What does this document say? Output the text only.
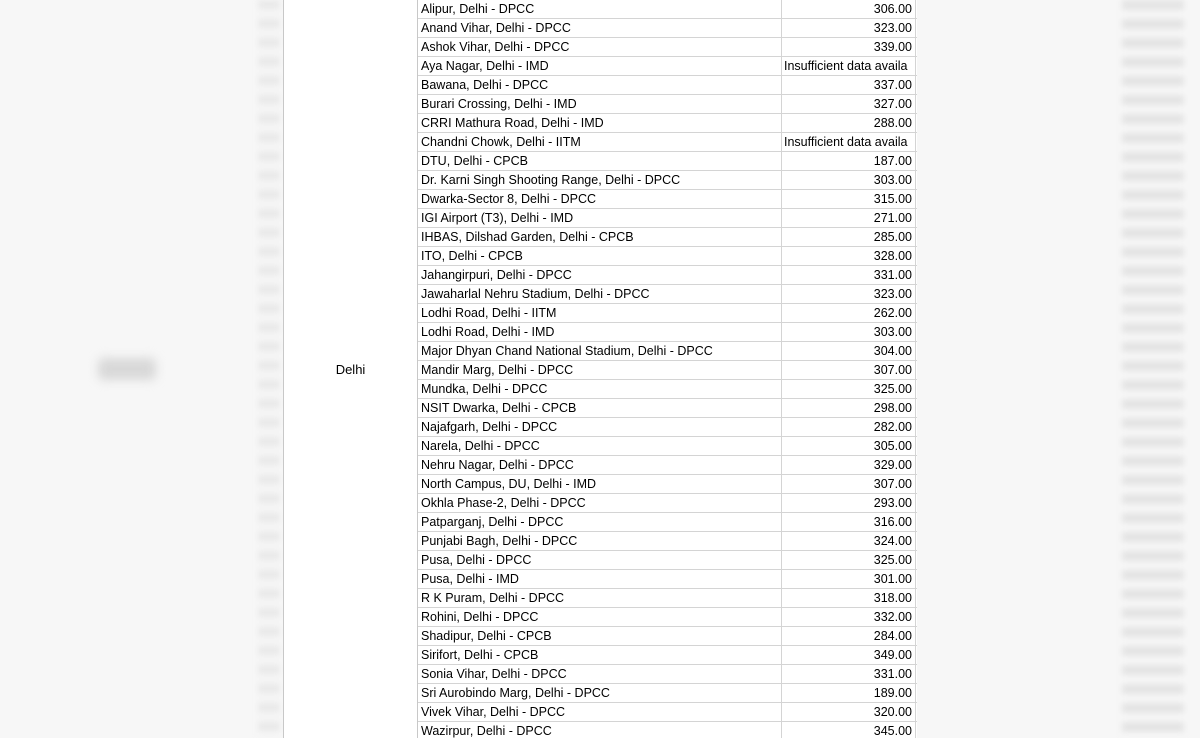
Delhi
Alipur, Delhi - DPCC	306.00
Anand Vihar, Delhi - DPCC	323.00
Ashok Vihar, Delhi - DPCC	339.00
Aya Nagar, Delhi - IMD	Insufficient data availa
Bawana, Delhi - DPCC	337.00
Burari Crossing, Delhi - IMD	327.00
CRRI Mathura Road, Delhi - IMD	288.00
Chandni Chowk, Delhi - IITM	Insufficient data availa
DTU, Delhi - CPCB	187.00
Dr. Karni Singh Shooting Range, Delhi - DPCC	303.00
Dwarka-Sector 8, Delhi - DPCC	315.00
IGI Airport (T3), Delhi - IMD	271.00
IHBAS, Dilshad Garden, Delhi - CPCB	285.00
ITO, Delhi - CPCB	328.00
Jahangirpuri, Delhi - DPCC	331.00
Jawaharlal Nehru Stadium, Delhi - DPCC	323.00
Lodhi Road, Delhi - IITM	262.00
Lodhi Road, Delhi - IMD	303.00
Major Dhyan Chand National Stadium, Delhi - DPCC	304.00
Mandir Marg, Delhi - DPCC	307.00
Mundka, Delhi - DPCC	325.00
NSIT Dwarka, Delhi - CPCB	298.00
Najafgarh, Delhi - DPCC	282.00
Narela, Delhi - DPCC	305.00
Nehru Nagar, Delhi - DPCC	329.00
North Campus, DU, Delhi - IMD	307.00
Okhla Phase-2, Delhi - DPCC	293.00
Patparganj, Delhi - DPCC	316.00
Punjabi Bagh, Delhi - DPCC	324.00
Pusa, Delhi - DPCC	325.00
Pusa, Delhi - IMD	301.00
R K Puram, Delhi - DPCC	318.00
Rohini, Delhi - DPCC	332.00
Shadipur, Delhi - CPCB	284.00
Sirifort, Delhi - CPCB	349.00
Sonia Vihar, Delhi - DPCC	331.00
Sri Aurobindo Marg, Delhi - DPCC	189.00
Vivek Vihar, Delhi - DPCC	320.00
Wazirpur, Delhi - DPCC	345.00
